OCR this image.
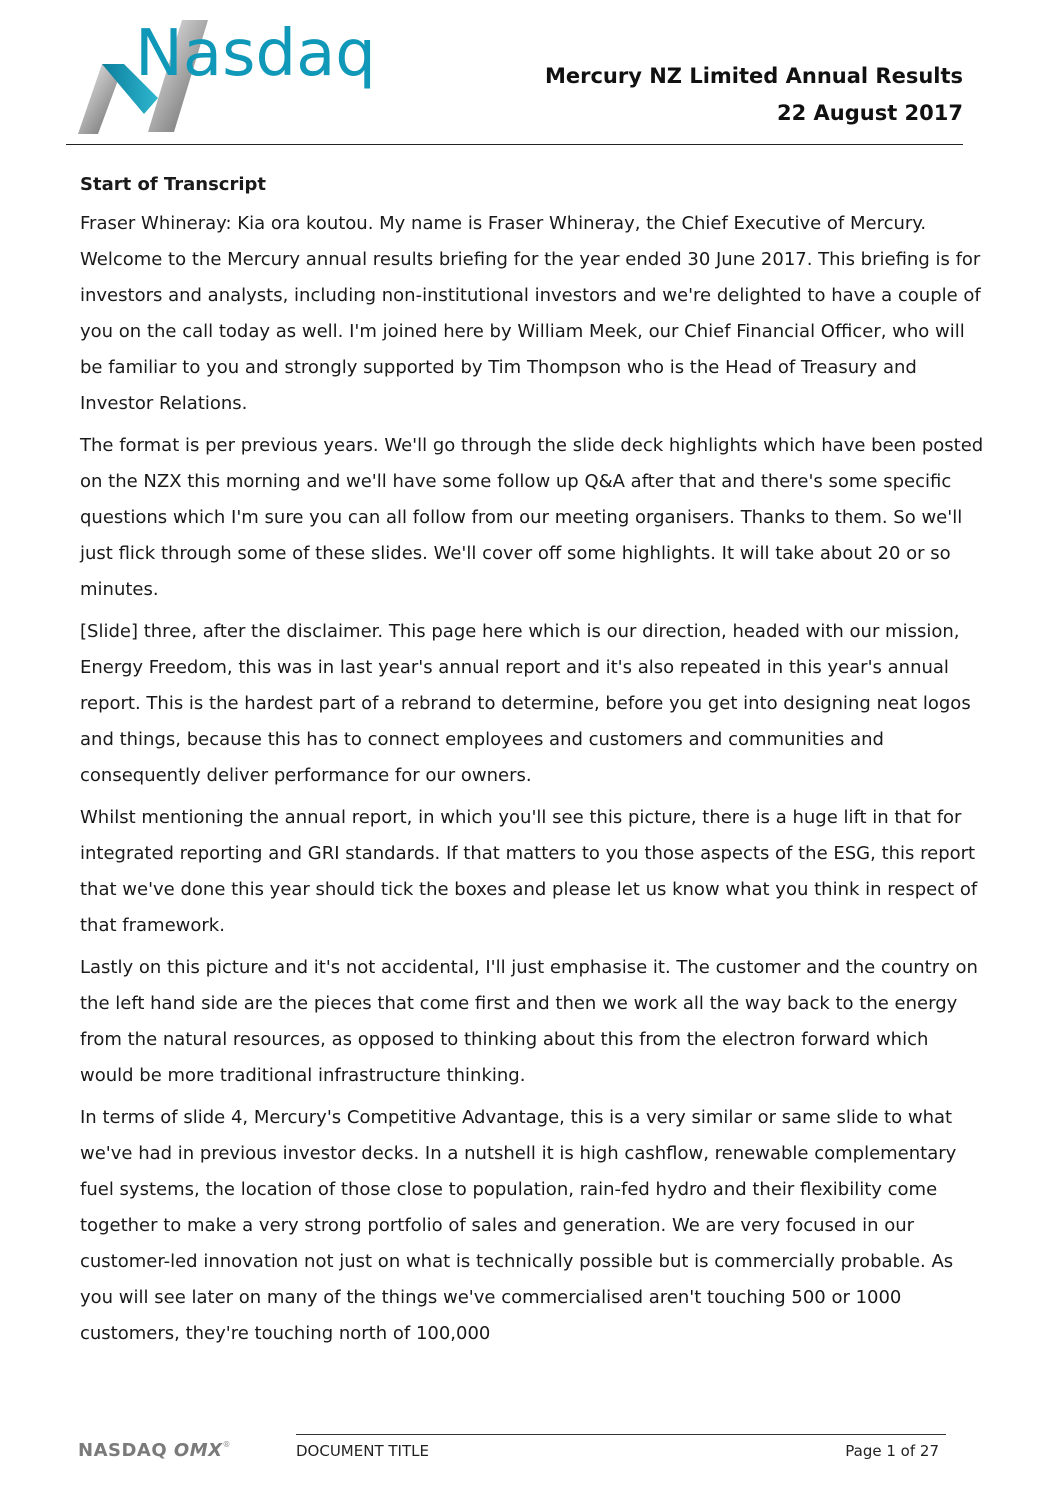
Nasdaq	Mercury NZ Limited Annual Results
22 August 2017
Start of Transcript

Fraser Whineray: Kia ora koutou. My name is Fraser Whineray, the Chief Executive of Mercury. Welcome to the Mercury annual results briefing for the year ended 30 June 2017. This briefing is for investors and analysts, including non-institutional investors and we're delighted to have a couple of you on the call today as well. I'm joined here by William Meek, our Chief Financial Officer, who will be familiar to you and strongly supported by Tim Thompson who is the Head of Treasury and Investor Relations.

The format is per previous years. We'll go through the slide deck highlights which have been posted on the NZX this morning and we'll have some follow up Q&A after that and there's some specific questions which I'm sure you can all follow from our meeting organisers. Thanks to them. So we'll just flick through some of these slides. We'll cover off some highlights. It will take about 20 or so minutes.

[Slide] three, after the disclaimer. This page here which is our direction, headed with our mission, Energy Freedom, this was in last year's annual report and it's also repeated in this year's annual report. This is the hardest part of a rebrand to determine, before you get into designing neat logos and things, because this has to connect employees and customers and communities and consequently deliver performance for our owners.

Whilst mentioning the annual report, in which you'll see this picture, there is a huge lift in that for integrated reporting and GRI standards. If that matters to you those aspects of the ESG, this report that we've done this year should tick the boxes and please let us know what you think in respect of that framework.

Lastly on this picture and it's not accidental, I'll just emphasise it. The customer and the country on the left hand side are the pieces that come first and then we work all the way back to the energy from the natural resources, as opposed to thinking about this from the electron forward which would be more traditional infrastructure thinking.

In terms of slide 4, Mercury's Competitive Advantage, this is a very similar or same slide to what we've had in previous investor decks. In a nutshell it is high cashflow, renewable complementary fuel systems, the location of those close to population, rain-fed hydro and their flexibility come together to make a very strong portfolio of sales and generation. We are very focused in our customer-led innovation not just on what is technically possible but is commercially probable. As you will see later on many of the things we've commercialised aren't touching 500 or 1000 customers, they're touching north of 100,000

NASDAQ OMX®	DOCUMENT TITLE	Page 1 of 27
